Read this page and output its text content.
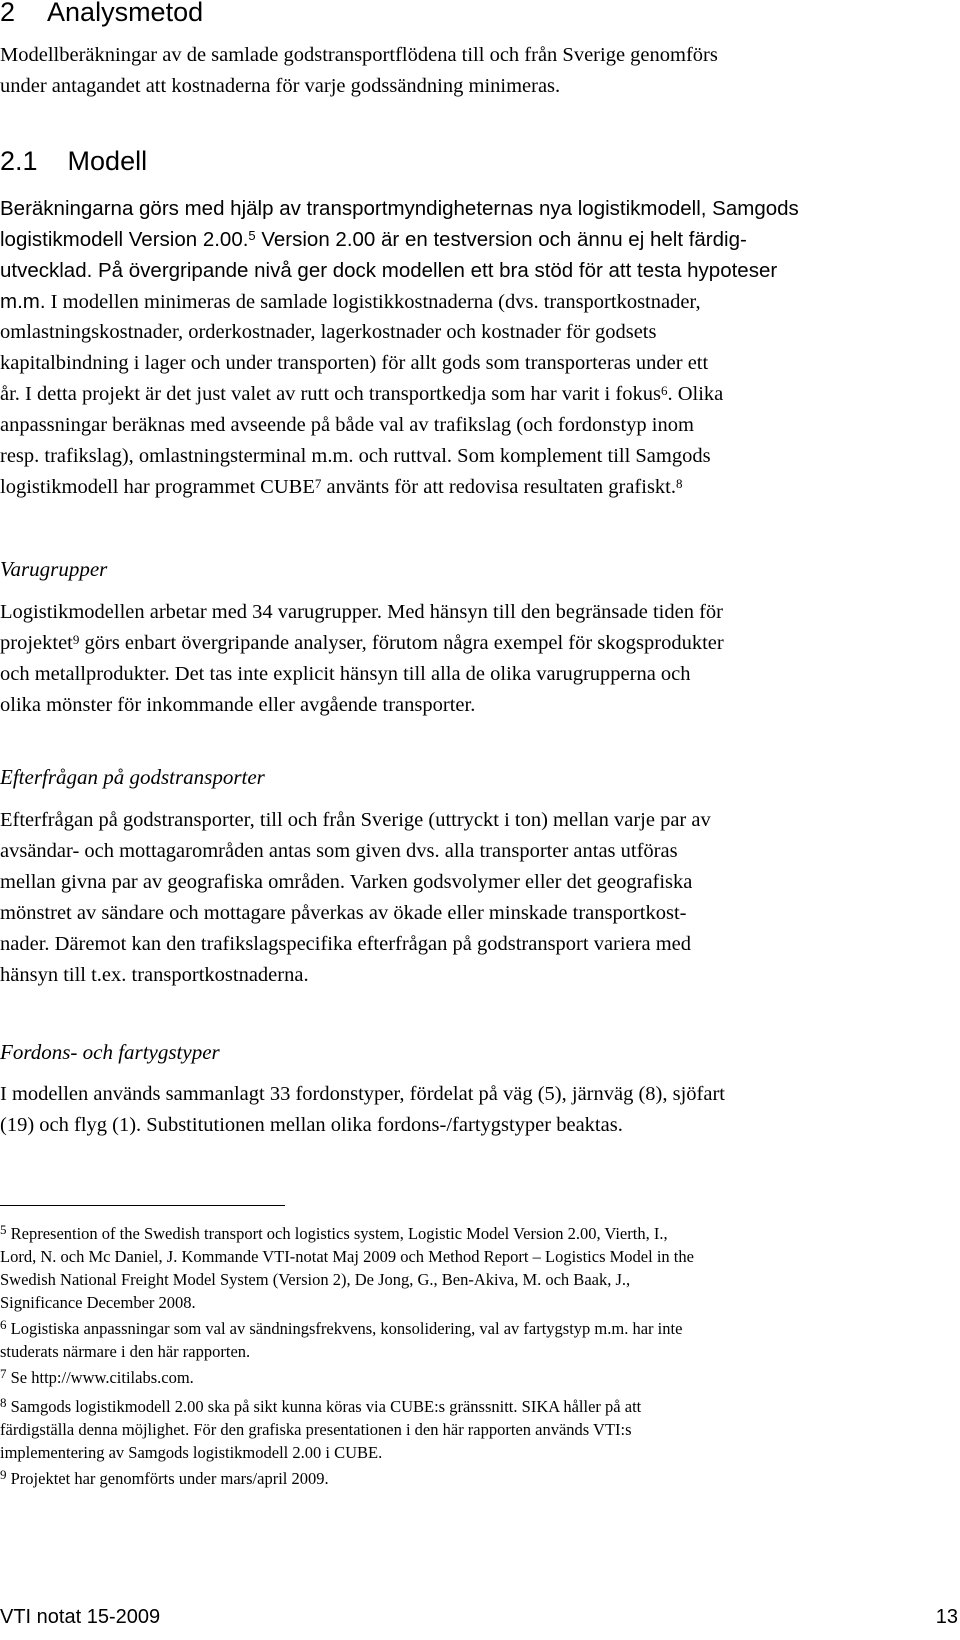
2 Analysmetod
Modellberäkningar av de samlade godstransportflödena till och från Sverige genomförs
under antagandet att kostnaderna för varje godssändning minimeras.
2.1 Modell
Beräkningarna görs med hjälp av transportmyndigheternas nya logistikmodell, Samgods
logistikmodell Version 2.00.$^5$ Version 2.00 är en testversion och ännu ej helt färdig-
utvecklad. På övergripande nivå ger dock modellen ett bra stöd för att testa hypoteser
m.m. I modellen minimeras de samlade logistikkostnaderna (dvs. transportkostnader,
omlastningskostnader, orderkostnader, lagerkostnader och kostnader för godsets
kapitalbindning i lager och under transporten) för allt gods som transporteras under ett
år. I detta projekt är det just valet av rutt och transportkedja som har varit i fokus$^6$. Olika
anpassningar beräknas med avseende på både val av trafikslag (och fordonstyp inom
resp. trafikslag), omlastningsterminal m.m. och ruttval. Som komplement till Samgods
logistikmodell har programmet CUBE$^7$ använts för att redovisa resultaten grafiskt.$^8$
Varugrupper
Logistikmodellen arbetar med 34 varugrupper. Med hänsyn till den begränsade tiden för
projektet$^9$ görs enbart övergripande analyser, förutom några exempel för skogsprodukter
och metallprodukter. Det tas inte explicit hänsyn till alla de olika varugrupperna och
olika mönster för inkommande eller avgående transporter.
Efterfrågan på godstransporter
Efterfrågan på godstransporter, till och från Sverige (uttryckt i ton) mellan varje par av
avsändar- och mottagarområden antas som given dvs. alla transporter antas utföras
mellan givna par av geografiska områden. Varken godsvolymer eller det geografiska
mönstret av sändare och mottagare påverkas av ökade eller minskade transportkost-
nader. Däremot kan den trafikslagspecifika efterfrågan på godstransport variera med
hänsyn till t.ex. transportkostnaderna.
Fordons- och fartygstyper
I modellen används sammanlagt 33 fordonstyper, fördelat på väg (5), järnväg (8), sjöfart
(19) och flyg (1). Substitutionen mellan olika fordons-/fartygstyper beaktas.
$^5$ Represention of the Swedish transport och logistics system, Logistic Model Version 2.00, Vierth, I.,
Lord, N. och Mc Daniel, J. Kommande VTI-notat Maj 2009 och Method Report – Logistics Model in the
Swedish National Freight Model System (Version 2), De Jong, G., Ben-Akiva, M. och Baak, J.,
Significance December 2008.
$^6$ Logistiska anpassningar som val av sändningsfrekvens, konsolidering, val av fartygstyp m.m. har inte
studerats närmare i den här rapporten.
$^7$ Se http://www.citilabs.com.
$^8$ Samgods logistikmodell 2.00 ska på sikt kunna köras via CUBE:s gränssnitt. SIKA håller på att
färdigställa denna möjlighet. För den grafiska presentationen i den här rapporten används VTI:s
implementering av Samgods logistikmodell 2.00 i CUBE.
$^9$ Projektet har genomförts under mars/april 2009.
VTI notat 15-2009	13
